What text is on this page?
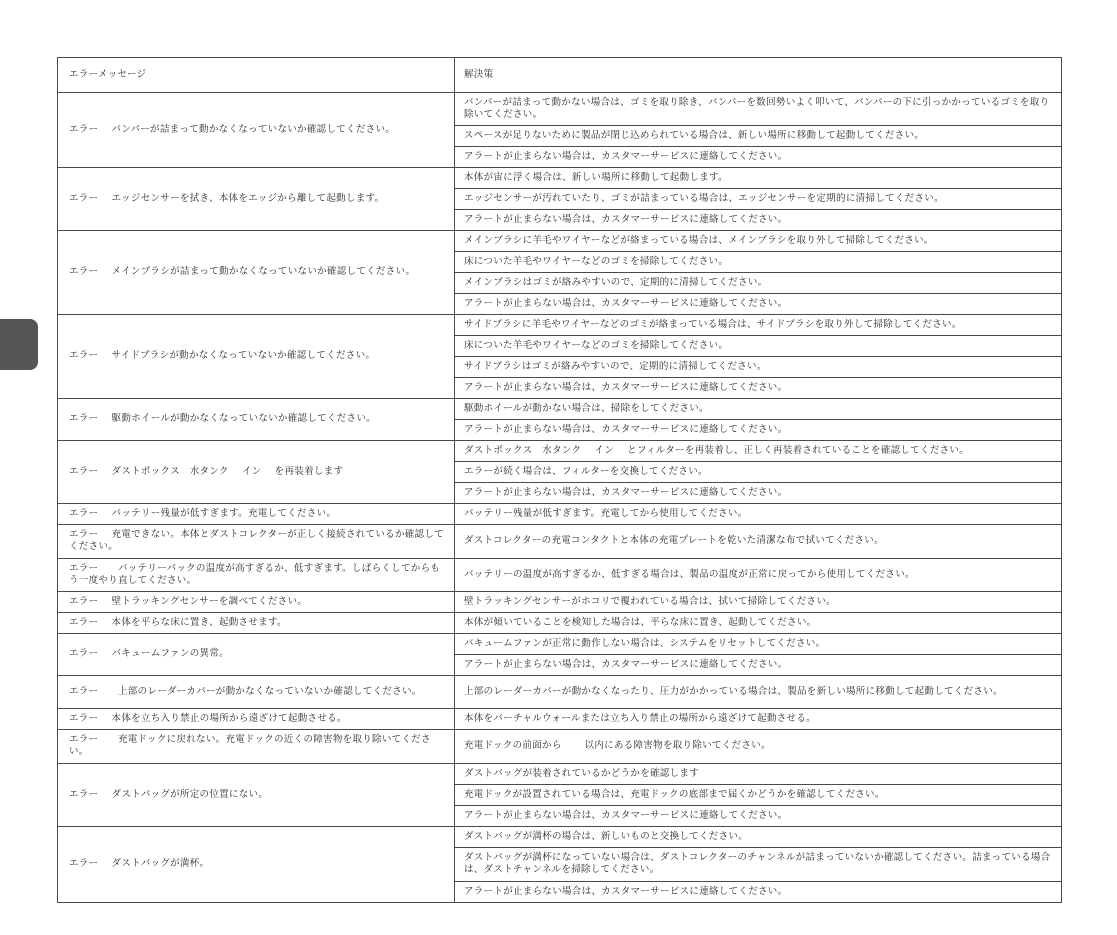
エラーメッセージ	解決策
エラー　 バンパーが詰まって動かなくなっていないか確認してください。	バンパーが詰まって動かない場合は、ゴミを取り除き、バンパーを数回勢いよく叩いて、バンパーの下に引っかかっているゴミを取り除いてください。
	スペースが足りないために製品が閉じ込められている場合は、新しい場所に移動して起動してください。
	アラートが止まらない場合は、カスタマーサービスに連絡してください。
エラー　 エッジセンサーを拭き、本体をエッジから離して起動します。	本体が宙に浮く場合は、新しい場所に移動して起動します。
	エッジセンサーが汚れていたり、ゴミが詰まっている場合は、エッジセンサーを定期的に清掃してください。
	アラートが止まらない場合は、カスタマーサービスに連絡してください。
エラー　 メインブラシが詰まって動かなくなっていないか確認してください。	メインブラシに羊毛やワイヤーなどが絡まっている場合は、メインブラシを取り外して掃除してください。
	床についた羊毛やワイヤーなどのゴミを掃除してください。
	メインブラシはゴミが絡みやすいので、定期的に清掃してください。
	アラートが止まらない場合は、カスタマーサービスに連絡してください。
エラー　 サイドブラシが動かなくなっていないか確認してください。	サイドブラシに羊毛やワイヤーなどのゴミが絡まっている場合は、サイドブラシを取り外して掃除してください。
	床についた羊毛やワイヤーなどのゴミを掃除してください。
	サイドブラシはゴミが絡みやすいので、定期的に清掃してください。
	アラートが止まらない場合は、カスタマーサービスに連絡してください。
エラー　 駆動ホイールが動かなくなっていないか確認してください。	駆動ホイールが動かない場合は、掃除をしてください。
	アラートが止まらない場合は、カスタマーサービスに連絡してください。
エラー　 ダストボックス　水タンク　 イン　 を再装着します	ダストボックス　水タンク　 イン　 とフィルターを再装着し、正しく再装着されていることを確認してください。
	エラーが続く場合は、フィルターを交換してください。
	アラートが止まらない場合は、カスタマーサービスに連絡してください。
エラー　 バッテリー残量が低すぎます。充電してください。	バッテリー残量が低すぎます。充電してから使用してください。
エラー　 充電できない。本体とダストコレクターが正しく接続されているか確認してください。	ダストコレクターの充電コンタクトと本体の充電プレートを乾いた清潔な布で拭いてください。
エラー　　バッテリーパックの温度が高すぎるか、低すぎます。しばらくしてからもう一度やり直してください。	バッテリーの温度が高すぎるか、低すぎる場合は、製品の温度が正常に戻ってから使用してください。
エラー　 壁トラッキングセンサーを調べてください。	壁トラッキングセンサーがホコリで覆われている場合は、拭いて掃除してください。
エラー　 本体を平らな床に置き、起動させます。	本体が傾いていることを検知した場合は、平らな床に置き、起動してください。
エラー　 バキュームファンの異常。	バキュームファンが正常に動作しない場合は、システムをリセットしてください。
	アラートが止まらない場合は、カスタマーサービスに連絡してください。
エラー　　上部のレーダーカバーが動かなくなっていないか確認してください。	上部のレーダーカバーが動かなくなったり、圧力がかかっている場合は、製品を新しい場所に移動して起動してください。
エラー　 本体を立ち入り禁止の場所から遠ざけて起動させる。	本体をバーチャルウォールまたは立ち入り禁止の場所から遠ざけて起動させる。
エラー　　充電ドックに戻れない。充電ドックの近くの障害物を取り除いてください。	充電ドックの前面から　　 以内にある障害物を取り除いてください。
エラー　 ダストバッグが所定の位置にない。	ダストバッグが装着されているかどうかを確認します
	充電ドックが設置されている場合は、充電ドックの底部まで届くかどうかを確認してください。
	アラートが止まらない場合は、カスタマーサービスに連絡してください。
エラー　 ダストバッグが満杯。	ダストバッグが満杯の場合は、新しいものと交換してください。
	ダストバッグが満杯になっていない場合は、ダストコレクターのチャンネルが詰まっていないか確認してください。詰まっている場合は、ダストチャンネルを掃除してください。
	アラートが止まらない場合は、カスタマーサービスに連絡してください。
